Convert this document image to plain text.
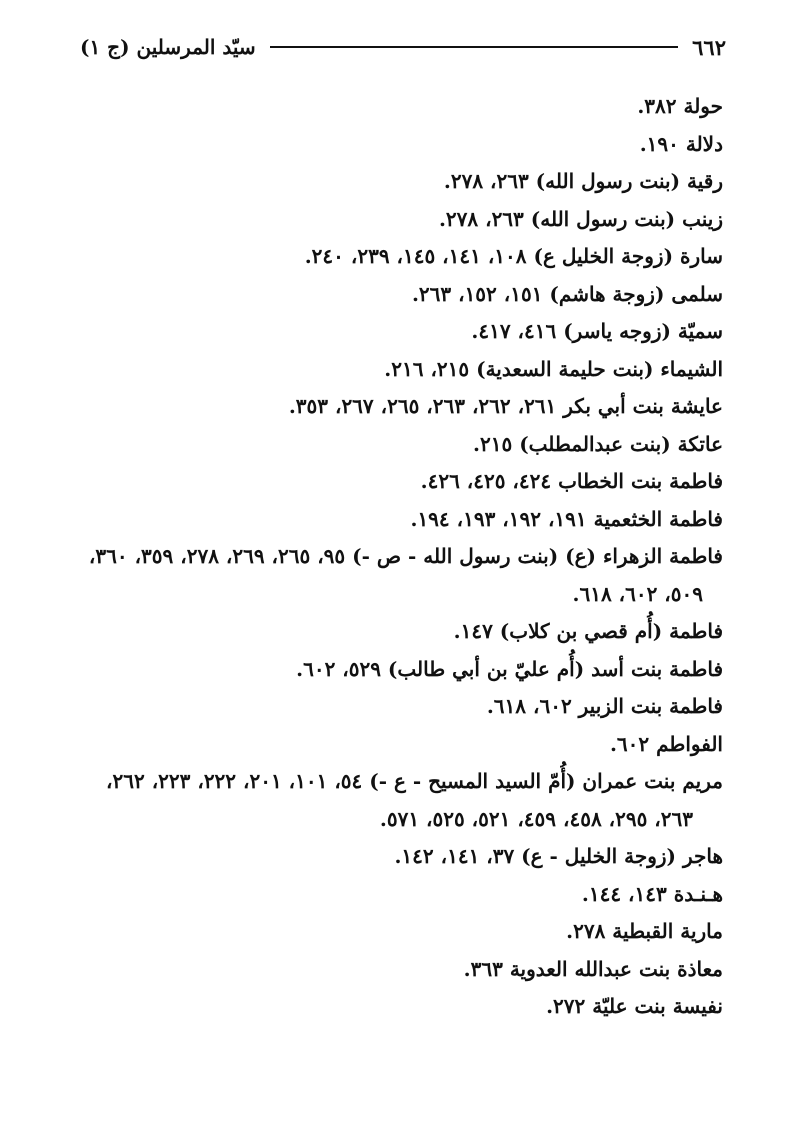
٦٦٢
سيّد المرسلين (ج ١)
حولة ٣٨٢.
دلالة ١٩٠.
رقية (بنت رسول الله) ٢٦٣، ٢٧٨.
زينب (بنت رسول الله) ٢٦٣، ٢٧٨.
سارة (زوجة الخليل ع) ١٠٨، ١٤١، ١٤٥، ٢٣٩، ٢٤٠.
سلمى (زوجة هاشم) ١٥١، ١٥٢، ٢٦٣.
سميّة (زوجه ياسر) ٤١٦، ٤١٧.
الشيماء (بنت حليمة السعدية) ٢١٥، ٢١٦.
عايشة بنت أبي بكر ٢٦١، ٢٦٢، ٢٦٣، ٢٦٥، ٢٦٧، ٣٥٣.
عاتكة (بنت عبدالمطلب) ٢١٥.
فاطمة بنت الخطاب ٤٢٤، ٤٢٥، ٤٢٦.
فاطمة الخثعمية ١٩١، ١٩٢، ١٩٣، ١٩٤.
فاطمة الزهراء (ع) (بنت رسول الله - ص -) ٩٥، ٢٦٥، ٢٦٩، ٢٧٨، ٣٥٩، ٣٦٠،
٥٠٩، ٦٠٢، ٦١٨.
فاطمة (أُم قصي بن كلاب) ١٤٧.
فاطمة بنت أسد (أُم عليّ بن أبي طالب) ٥٢٩، ٦٠٢.
فاطمة بنت الزبير ٦٠٢، ٦١٨.
الفواطم ٦٠٢.
مريم بنت عمران (أُمّ السيد المسيح - ع -) ٥٤، ١٠١، ٢٠١، ٢٢٢، ٢٢٣، ٢٦٢،
٢٦٣، ٢٩٥، ٤٥٨، ٤٥٩، ٥٢١، ٥٢٥، ٥٧١.
هاجر (زوجة الخليل - ع) ٣٧، ١٤١، ١٤٢.
هـنـدة ١٤٣، ١٤٤.
مارية القبطية ٢٧٨.
معاذة بنت عبدالله العدوية ٣٦٣.
نفيسة بنت عليّة ٢٧٢.
